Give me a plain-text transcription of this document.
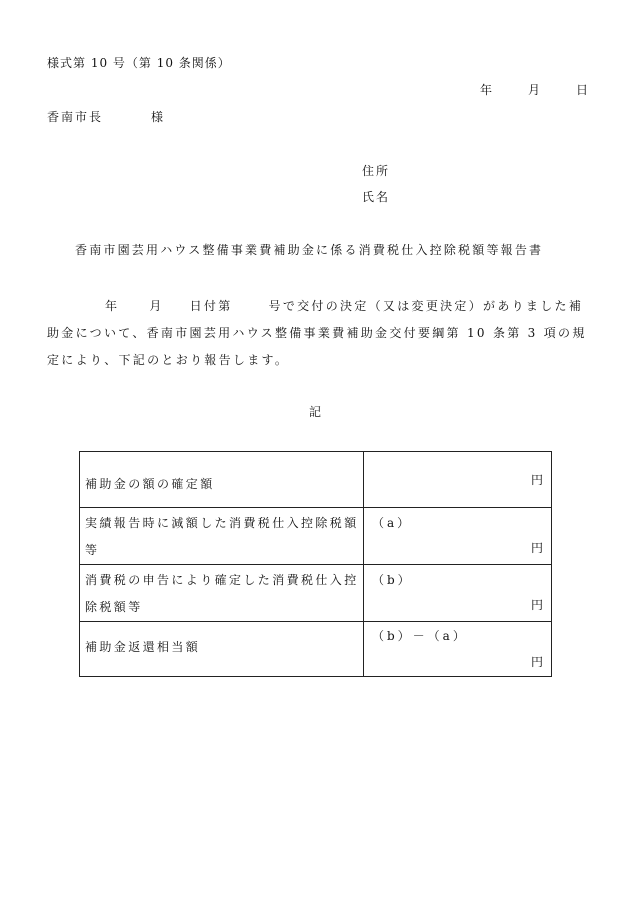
様式第 10 号（第 10 条関係）
年	月	日
香南市長	様
住所
氏名
香南市園芸用ハウス整備事業費補助金に係る消費税仕入控除税額等報告書
年	月 日付第	号で交付の決定（又は変更決定）がありました補助金について、香南市園芸用ハウス整備事業費補助金交付要綱第 10 条第 3 項の規定により、下記のとおり報告します。
記
補助金の額の確定額	円

実績報告時に減額した消費税仕入控除税額等	（a）
円

消費税の申告により確定した消費税仕入控除税額等	（b）
円

補助金返還相当額	（b）－（a）
円
